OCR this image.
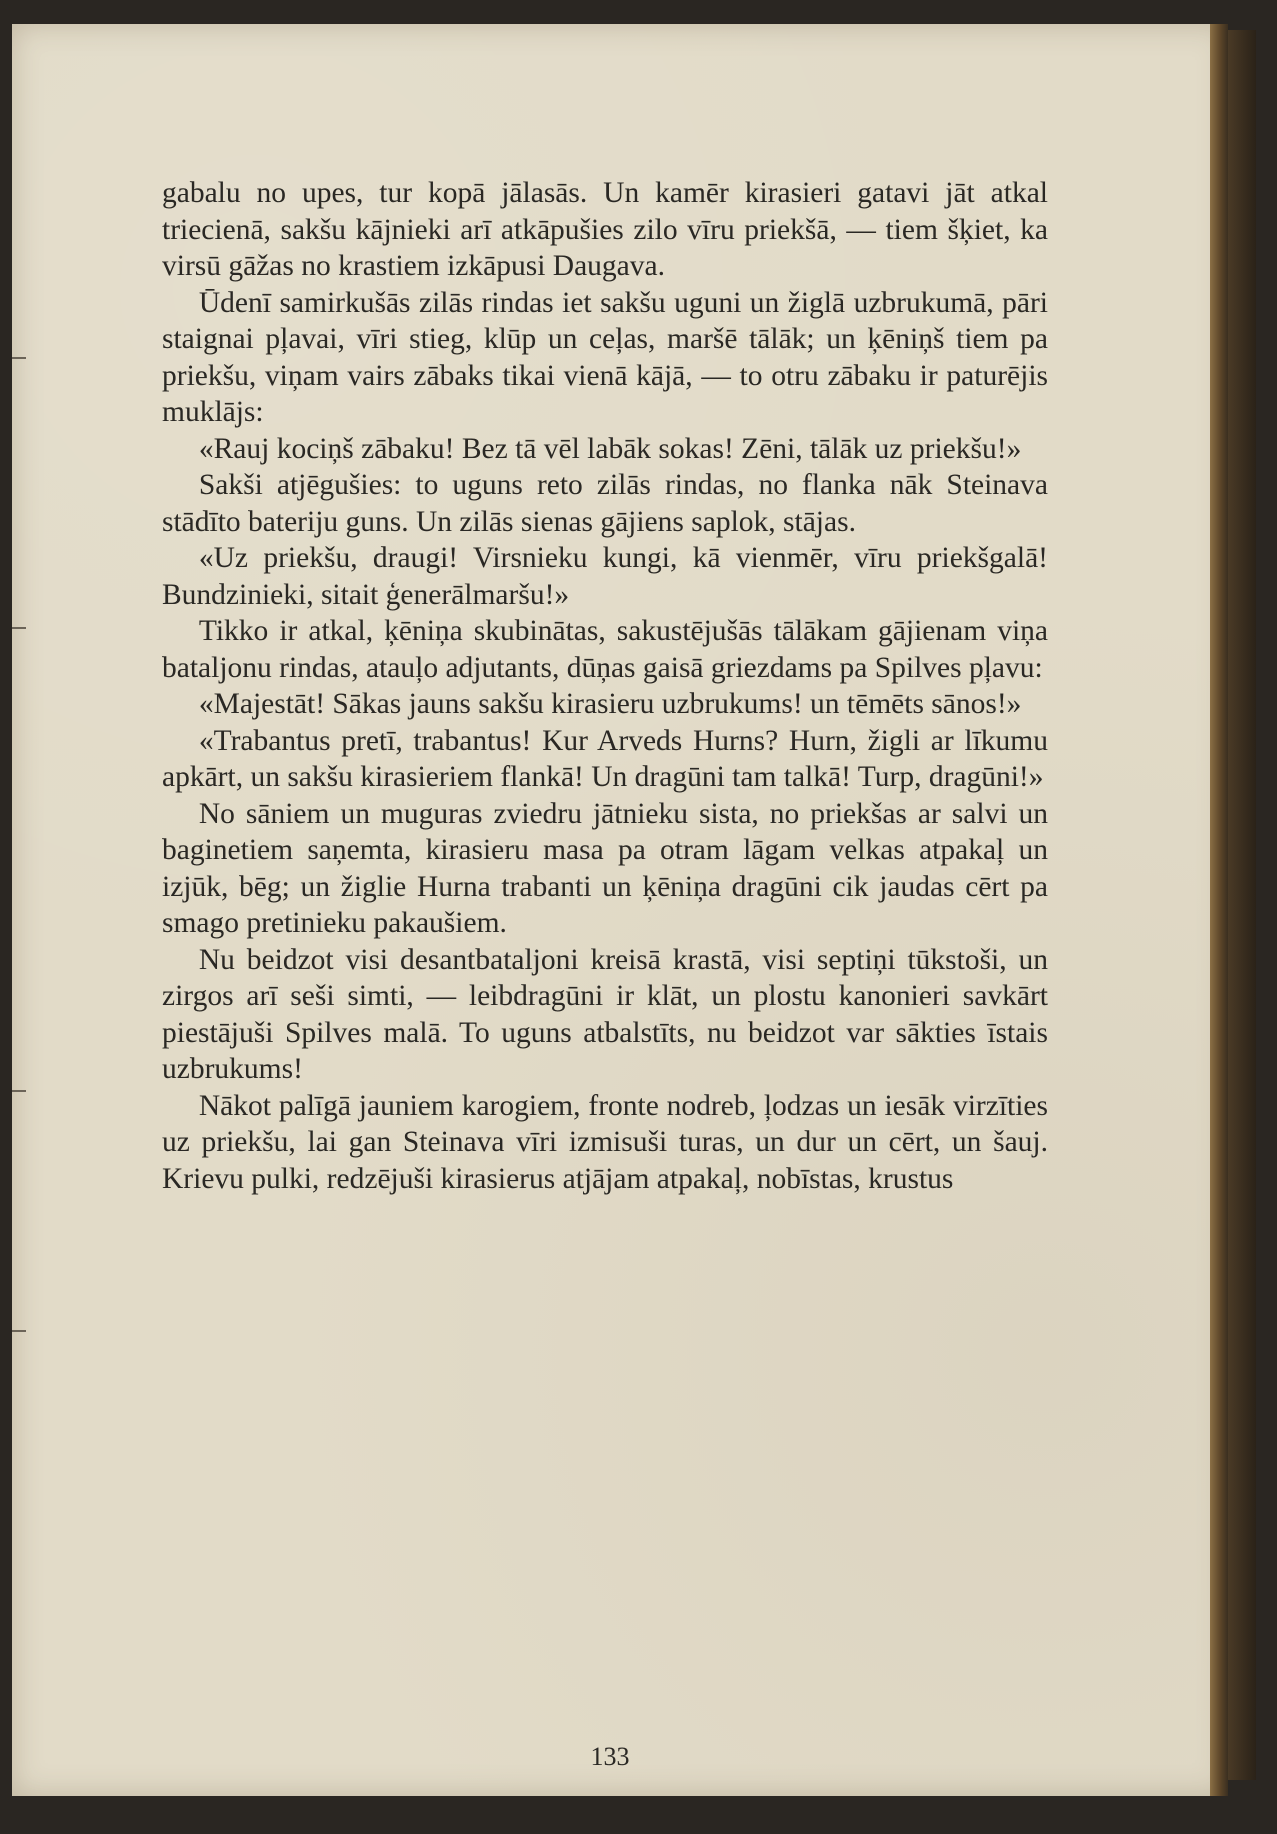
gabalu no upes, tur kopā jālasās. Un kamēr kirasieri gatavi jāt atkal triecienā, sakšu kājnieki arī atkāpušies zilo vīru priekšā, — tiem šķiet, ka virsū gāžas no krastiem izkāpusi Daugava.

Ūdenī samirkušās zilās rindas iet sakšu uguni un žiglā uzbrukumā, pāri staignai pļavai, vīri stieg, klūp un ceļas, maršē tālāk; un ķēniņš tiem pa priekšu, viņam vairs zābaks tikai vienā kājā, — to otru zābaku ir paturējis muklājs:

«Rauj kociņš zābaku! Bez tā vēl labāk sokas! Zēni, tālāk uz priekšu!»

Sakši atjēgušies: to uguns reto zilās rindas, no flanka nāk Steinava stādīto bateriju guns. Un zilās sienas gājiens saplok, stājas.

«Uz priekšu, draugi! Virsnieku kungi, kā vienmēr, vīru priekšgalā! Bundzinieki, sitait ģenerālmaršu!»

Tikko ir atkal, ķēniņa skubinātas, sakustējušās tālākam gājienam viņa bataljonu rindas, atauļo adjutants, dūņas gaisā griezdams pa Spilves pļavu:

«Majestāt! Sākas jauns sakšu kirasieru uzbrukums! un tēmēts sānos!»

«Trabantus pretī, trabantus! Kur Arveds Hurns? Hurn, žigli ar līkumu apkārt, un sakšu kirasieriem flankā! Un dragūni tam talkā! Turp, dragūni!»

No sāniem un muguras zviedru jātnieku sista, no priekšas ar salvi un baginetiem saņemta, kirasieru masa pa otram lāgam velkas atpakaļ un izjūk, bēg; un žiglie Hurna trabanti un ķēniņa dragūni cik jaudas cērt pa smago pretinieku pakaušiem.

Nu beidzot visi desantbataljoni kreisā krastā, visi septiņi tūkstoši, un zirgos arī seši simti, — leibdragūni ir klāt, un plostu kanonieri savkārt piestājuši Spilves malā. To uguns atbalstīts, nu beidzot var sākties īstais uzbrukums!

Nākot palīgā jauniem karogiem, fronte nodreb, ļodzas un iesāk virzīties uz priekšu, lai gan Steinava vīri izmisuši turas, un dur un cērt, un šauj. Krievu pulki, redzējuši kirasierus atjājam atpakaļ, nobīstas, krustus

133
